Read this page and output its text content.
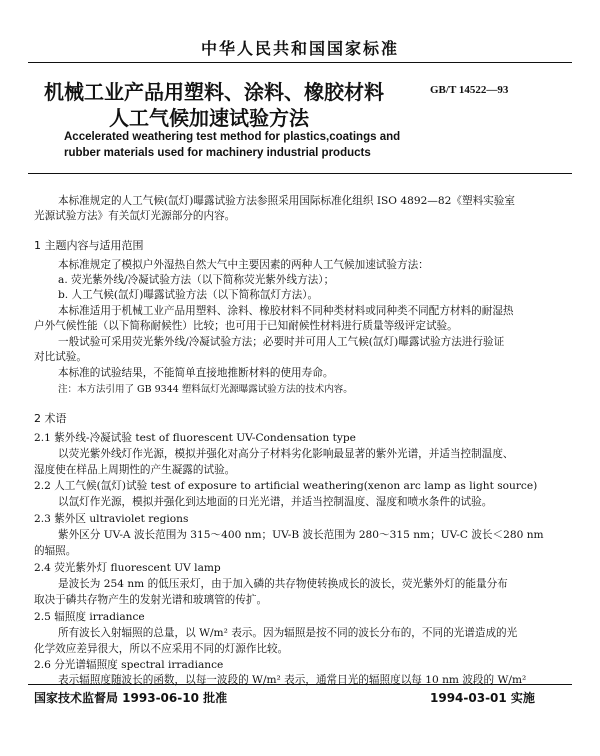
中华人民共和国国家标准
机械工业产品用塑料、涂料、橡胶材料
人工气候加速试验方法
GB/T 14522—93
Accelerated weathering test method for plastics,coatings and
rubber materials used for machinery industrial products
本标准规定的人工气候(氙灯)曝露试验方法参照采用国际标准化组织 ISO 4892—82《塑料实验室
光源试验方法》有关氙灯光源部分的内容。
1 主题内容与适用范围
本标准规定了模拟户外湿热自然大气中主要因素的两种人工气候加速试验方法：
a. 荧光紫外线/冷凝试验方法（以下简称荧光紫外线方法）；
b. 人工气候(氙灯)曝露试验方法（以下简称氙灯方法）。
本标准适用于机械工业产品用塑料、涂料、橡胶材料不同种类材料或同种类不同配方材料的耐湿热
户外气候性能（以下简称耐候性）比较；也可用于已知耐候性材料进行质量等级评定试验。
一般试验可采用荧光紫外线/冷凝试验方法；必要时并可用人工气候(氙灯)曝露试验方法进行验证
对比试验。
本标准的试验结果，不能简单直接地推断材料的使用寿命。
注：本方法引用了 GB 9344 塑料氙灯光源曝露试验方法的技术内容。
2 术语
2.1 紫外线-冷凝试验 test of fluorescent UV-Condensation type
以荧光紫外线灯作光源，模拟并强化对高分子材料劣化影响最显著的紫外光谱，并适当控制温度、
湿度使在样品上周期性的产生凝露的试验。
2.2 人工气候(氙灯)试验 test of exposure to artificial weathering(xenon arc lamp as light source)
以氙灯作光源，模拟并强化到达地面的日光光谱，并适当控制温度、湿度和喷水条件的试验。
2.3 紫外区 ultraviolet regions
紫外区分 UV-A 波长范围为 315～400 nm；UV-B 波长范围为 280～315 nm；UV-C 波长＜280 nm
的辐照。
2.4 荧光紫外灯 fluorescent UV lamp
是波长为 254 nm 的低压汞灯，由于加入磷的共存物使转换成长的波长，荧光紫外灯的能量分布
取决于磷共存物产生的发射光谱和玻璃管的传扩。
2.5 辐照度 irradiance
所有波长入射辐照的总量，以 W/m² 表示。因为辐照是按不同的波长分布的，不同的光谱造成的光
化学效应差异很大，所以不应采用不同的灯源作比较。
2.6 分光谱辐照度 spectral irradiance
表示辐照度随波长的函数，以每一波段的 W/m² 表示，通常日光的辐照度以每 10 nm 波段的 W/m²
国家技术监督局 1993-06-10 批准	1994-03-01 实施
